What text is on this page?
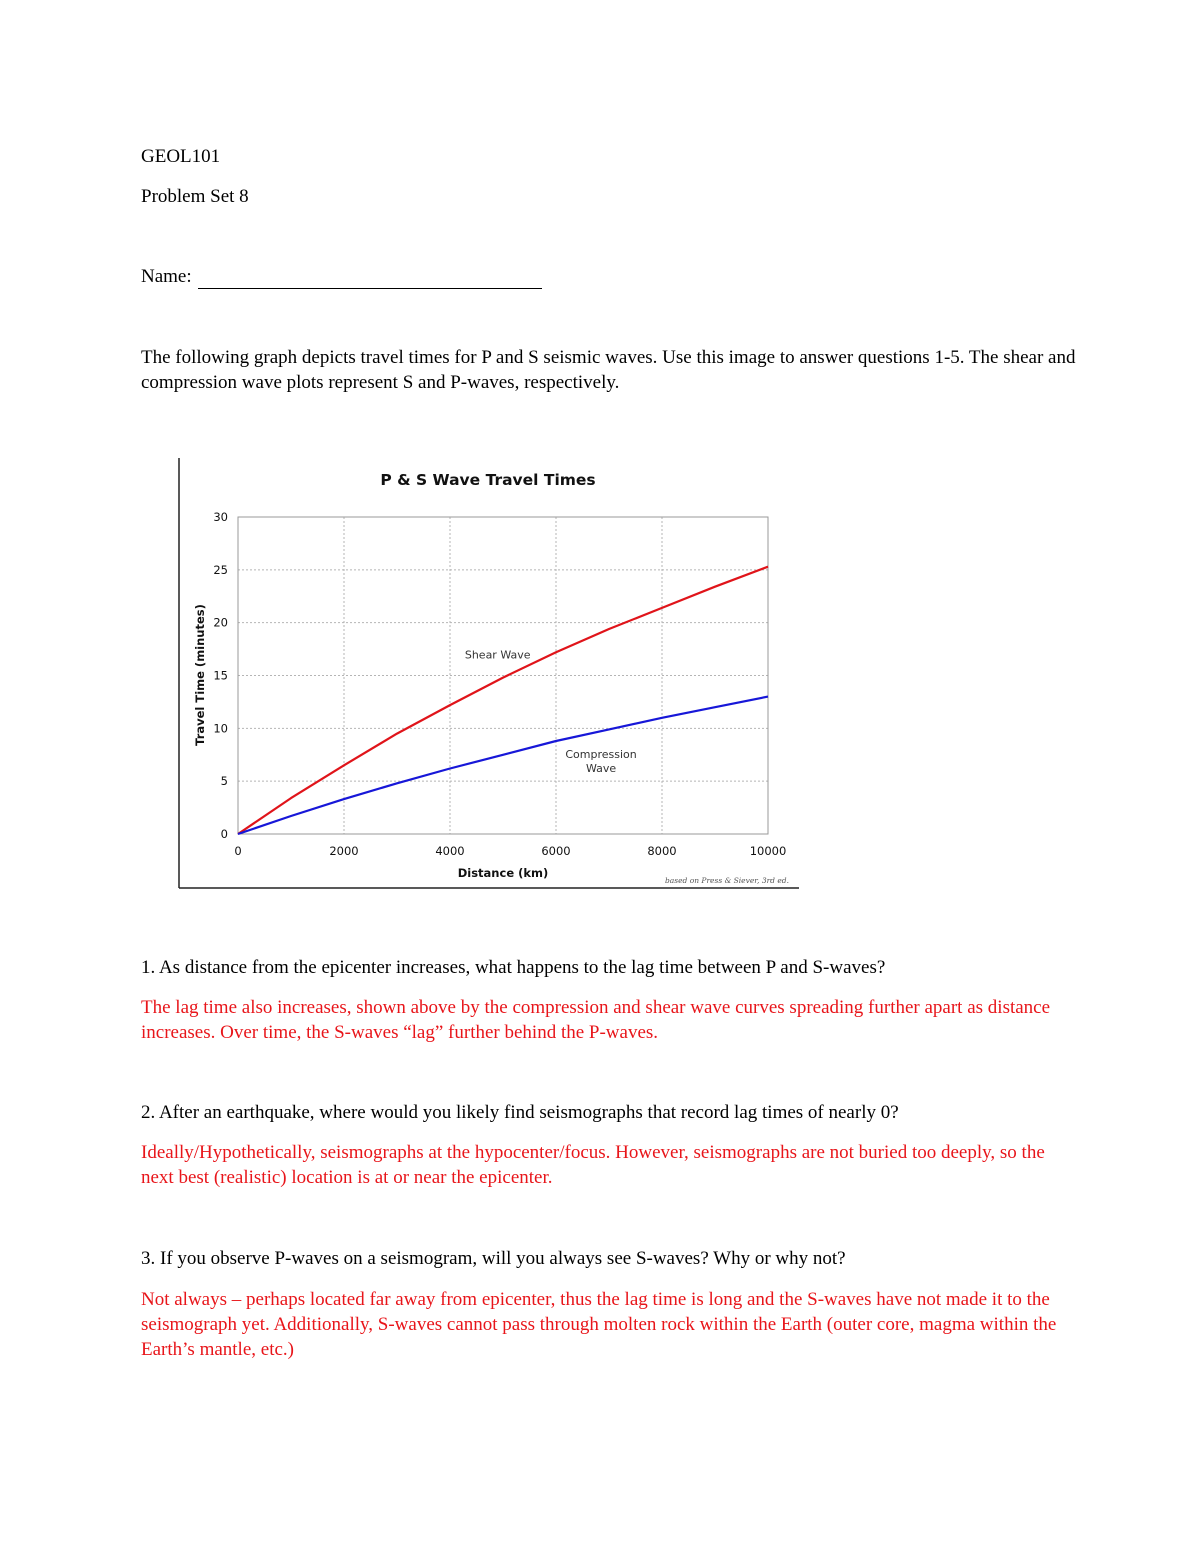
GEOL101

Problem Set 8

Name:

The following graph depicts travel times for P and S seismic waves. Use this image to answer questions 1-5. The shear and compression wave plots represent S and P-waves, respectively.

P & S Wave Travel Times
0	2000	4000	6000	8000	10000
0
5
10
15
20
25
30
Shear Wave
Compression Wave
Distance (km)
Travel Time (minutes)
based on Press & Siever, 3rd ed.

1. As distance from the epicenter increases, what happens to the lag time between P and S-waves?

The lag time also increases, shown above by the compression and shear wave curves spreading further apart as distance increases. Over time, the S-waves “lag” further behind the P-waves.

2. After an earthquake, where would you likely find seismographs that record lag times of nearly 0?

Ideally/Hypothetically, seismographs at the hypocenter/focus. However, seismographs are not buried too deeply, so the next best (realistic) location is at or near the epicenter.

3. If you observe P-waves on a seismogram, will you always see S-waves? Why or why not?

Not always – perhaps located far away from epicenter, thus the lag time is long and the S-waves have not made it to the seismograph yet. Additionally, S-waves cannot pass through molten rock within the Earth (outer core, magma within the Earth’s mantle, etc.)
